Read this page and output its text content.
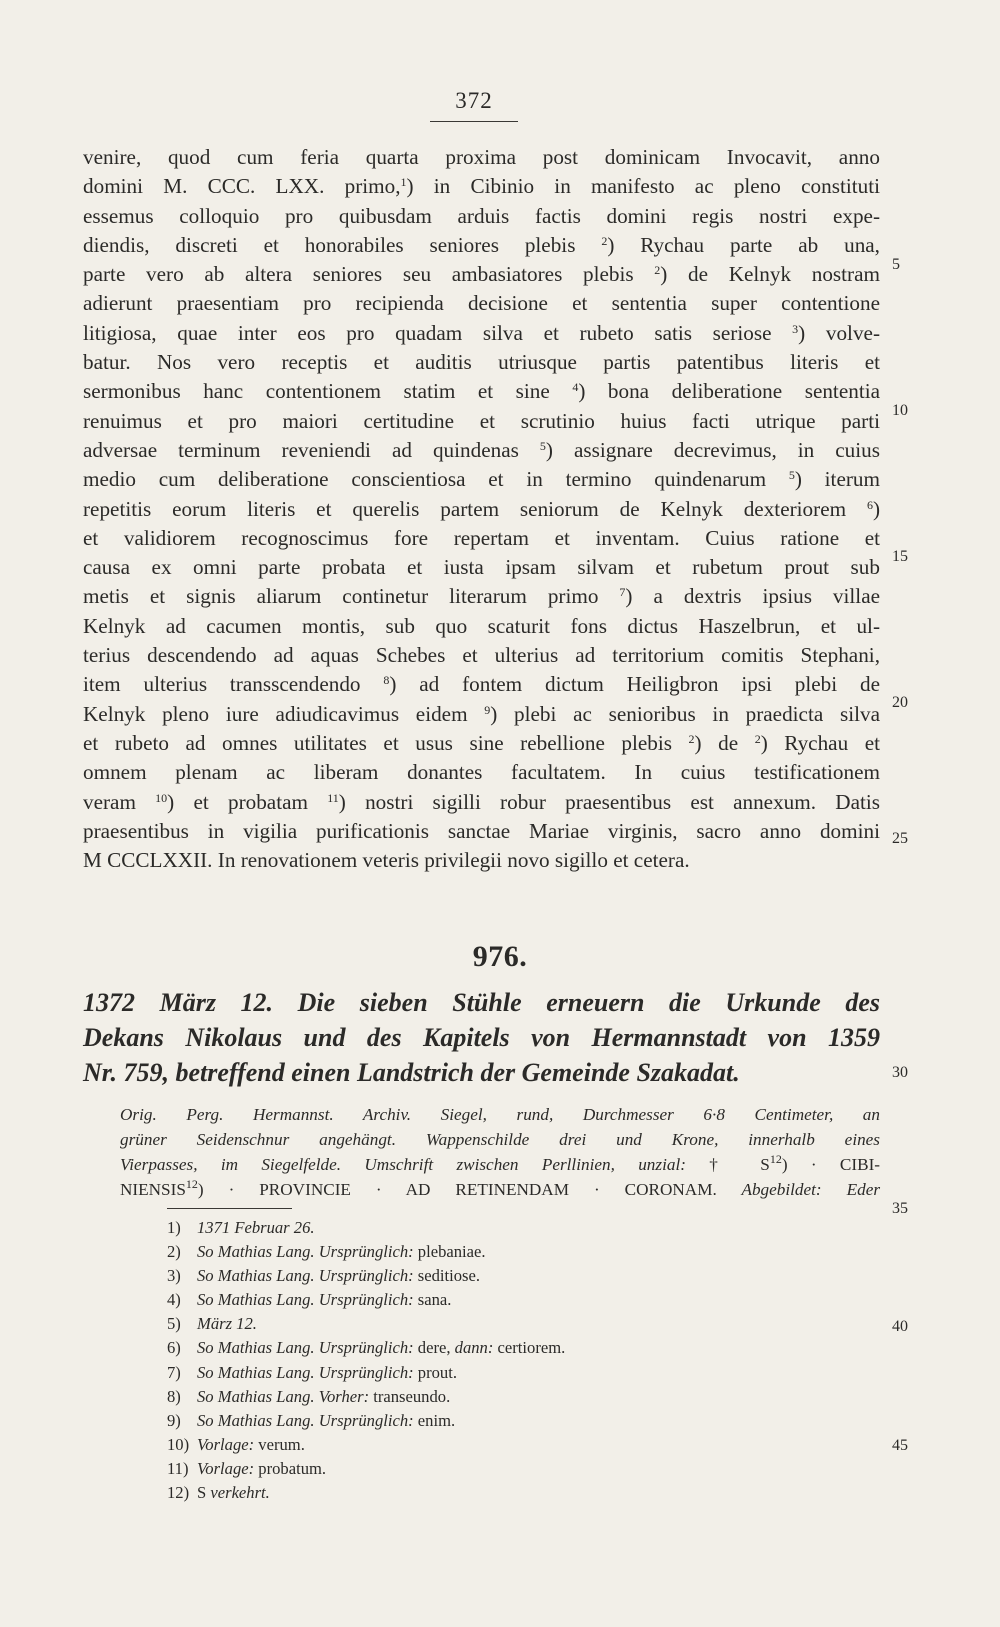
372
venire, quod cum feria quarta proxima post dominicam Invocavit, anno
domini M. CCC. LXX. primo,$^1$) in Cibinio in manifesto ac pleno constituti
essemus colloquio pro quibusdam arduis factis domini regis nostri expe-
diendis, discreti et honorabiles seniores plebis $^2$) Rychau parte ab una,
parte vero ab altera seniores seu ambasiatores plebis $^2$) de Kelnyk nostram
adierunt praesentiam pro recipienda decisione et sententia super contentione
litigiosa, quae inter eos pro quadam silva et rubeto satis seriose $^3$) volve-
batur. Nos vero receptis et auditis utriusque partis patentibus literis et
sermonibus hanc contentionem statim et sine $^4$) bona deliberatione sententia
renuimus et pro maiori certitudine et scrutinio huius facti utrique parti
adversae terminum reveniendi ad quindenas $^5$) assignare decrevimus, in cuius
medio cum deliberatione conscientiosa et in termino quindenarum $^5$) iterum
repetitis eorum literis et querelis partem seniorum de Kelnyk dexteriorem $^6$)
et validiorem recognoscimus fore repertam et inventam. Cuius ratione et
causa ex omni parte probata et iusta ipsam silvam et rubetum prout sub
metis et signis aliarum continetur literarum primo $^7$) a dextris ipsius villae
Kelnyk ad cacumen montis, sub quo scaturit fons dictus Haszelbrun, et ul-
terius descendendo ad aquas Schebes et ulterius ad territorium comitis Stephani,
item ulterius transscendendo $^8$) ad fontem dictum Heiligbron ipsi plebi de
Kelnyk pleno iure adiudicavimus eidem $^9$) plebi ac senioribus in praedicta silva
et rubeto ad omnes utilitates et usus sine rebellione plebis $^2$) de $^2$) Rychau et
omnem plenam ac liberam donantes facultatem. In cuius testificationem
veram $^{10}$) et probatam $^{11}$) nostri sigilli robur praesentibus est annexum. Datis
praesentibus in vigilia purificationis sanctae Mariae virginis, sacro anno domini
M CCCLXXII. In renovationem veteris privilegii novo sigillo et cetera.
5
10
15
20
25
30
35
40
45
976.
1372 März 12. Die sieben Stühle erneuern die Urkunde des
Dekans Nikolaus und des Kapitels von Hermannstadt von 1359
Nr. 759, betreffend einen Landstrich der Gemeinde Szakadat.
Orig. Perg. Hermannst. Archiv. Siegel, rund, Durchmesser 6·8 Centimeter, an
grüner Seidenschnur angehängt. Wappenschilde drei und Krone, innerhalb eines
Vierpasses, im Siegelfelde. Umschrift zwischen Perllinien, unzial: † $S^{12}$) · CIBI-
$NIENSIS^{12}$) · PROVINCIE · AD RETINENDAM · CORONAM. Abgebildet: Eder
1) 1371 Februar 26.
2) So Mathias Lang. Ursprünglich: plebaniae.
3) So Mathias Lang. Ursprünglich: seditiose.
4) So Mathias Lang. Ursprünglich: sana.
5) März 12.
6) So Mathias Lang. Ursprünglich: dere, dann: certiorem.
7) So Mathias Lang. Ursprünglich: prout.
8) So Mathias Lang. Vorher: transeundo.
9) So Mathias Lang. Ursprünglich: enim.
10) Vorlage: verum.
11) Vorlage: probatum.
12) S verkehrt.
